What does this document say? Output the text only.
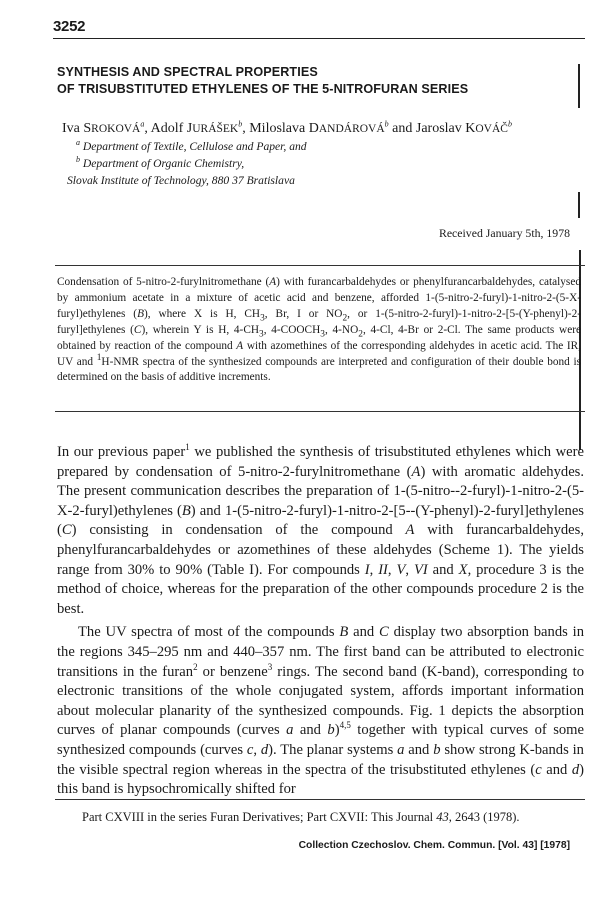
3252
SYNTHESIS AND SPECTRAL PROPERTIES
OF TRISUBSTITUTED ETHYLENES OF THE 5-NITROFURAN SERIES
Iva SROKOVÁ$^a$, Adolf JURÁŠEK$^b$, Miloslava DANDÁROVÁ$^b$ and Jaroslav KOVÁČ$^b$
$^a$ Department of Textile, Cellulose and Paper, and
$^b$ Department of Organic Chemistry,
Slovak Institute of Technology, 880 37 Bratislava
Received January 5th, 1978

Condensation of 5-nitro-2-furylnitromethane (A) with furancarbaldehydes or phenylfurancarbaldehydes, catalysed by ammonium acetate in a mixture of acetic acid and benzene, afforded 1-(5-nitro-2-furyl)-1-nitro-2-(5-X-furyl)ethylenes (B), where X is H, $CH_3$, Br, I or $NO_2$, or 1-(5-nitro-2-furyl)-1-nitro-2-[5-(Y-phenyl)-2-furyl]ethylenes (C), wherein Y is H, $4-CH_3$, $4-COOCH_3$, $4-NO_2$, 4-Cl, 4-Br or 2-Cl. The same products were obtained by reaction of the compound A with azomethines of the corresponding aldehydes in acetic acid. The IR, UV and $^1$H-NMR spectra of the synthesized compounds are interpreted and configuration of their double bond is determined on the basis of additive increments.

In our previous paper$^1$ we published the synthesis of trisubstituted ethylenes which were prepared by condensation of 5-nitro-2-furylnitromethane (A) with aromatic aldehydes. The present communication describes the preparation of 1-(5-nitro--2-furyl)-1-nitro-2-(5-X-2-furyl)ethylenes (B) and 1-(5-nitro-2-furyl)-1-nitro-2-[5--(Y-phenyl)-2-furyl]ethylenes (C) consisting in condensation of the compound A with furancarbaldehydes, phenylfurancarbaldehydes or azomethines of these aldehydes (Scheme 1). The yields range from 30% to 90% (Table I). For compounds I, II, V, VI and X, procedure 3 is the method of choice, whereas for the preparation of the other compounds procedure 2 is the best.

The UV spectra of most of the compounds B and C display two absorption bands in the regions 345–295 nm and 440–357 nm. The first band can be attributed to electronic transitions in the furan$^2$ or benzene$^3$ rings. The second band (K-band), corresponding to electronic transitions of the whole conjugated system, affords important information about molecular planarity of the synthesized compounds. Fig. 1 depicts the absorption curves of planar compounds (curves a and b)$^{4,5}$ together with typical curves of some synthesized compounds (curves c, d). The planar systems a and b show strong K-bands in the visible spectral region whereas in the spectra of the trisubstituted ethylenes (c and d) this band is hypsochromically shifted for

Part CXVIII in the series Furan Derivatives; Part CXVII: This Journal 43, 2643 (1978).
Collection Czechoslov. Chem. Commun. [Vol. 43] [1978]
